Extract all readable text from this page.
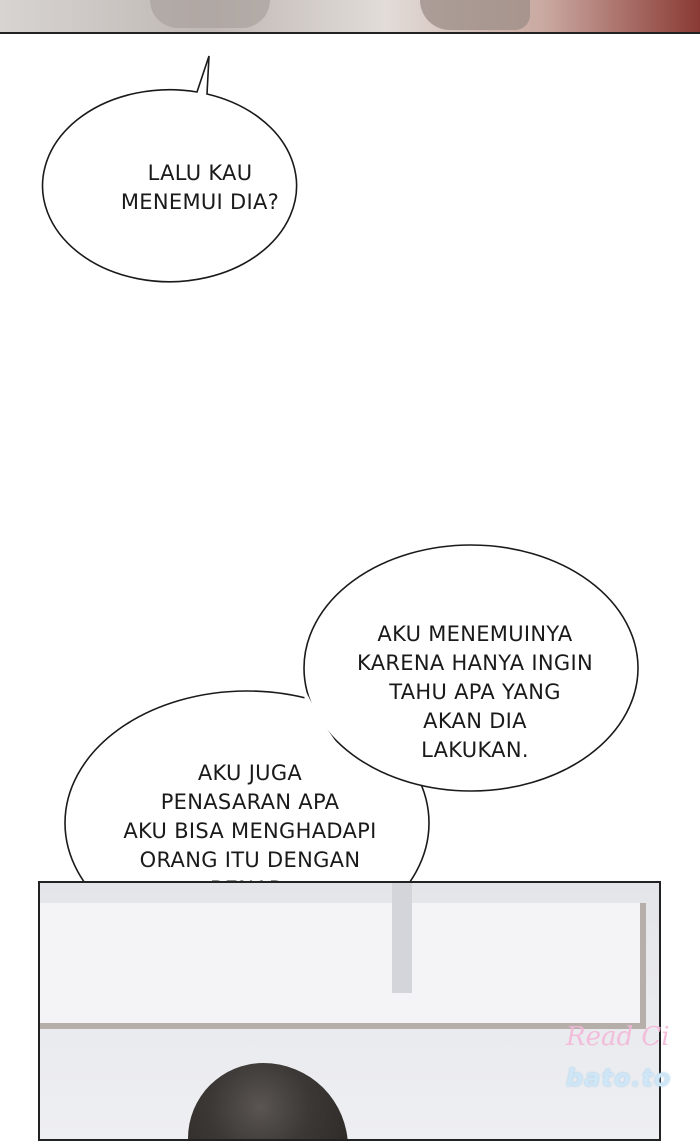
LALU KAU
MENEMUI DIA?
AKU MENEMUINYA
KARENA HANYA INGIN
TAHU APA YANG
AKAN DIA
LAKUKAN.
AKU JUGA
PENASARAN APA
AKU BISA MENGHADAPI
ORANG ITU DENGAN

Read Ci
bato.to
